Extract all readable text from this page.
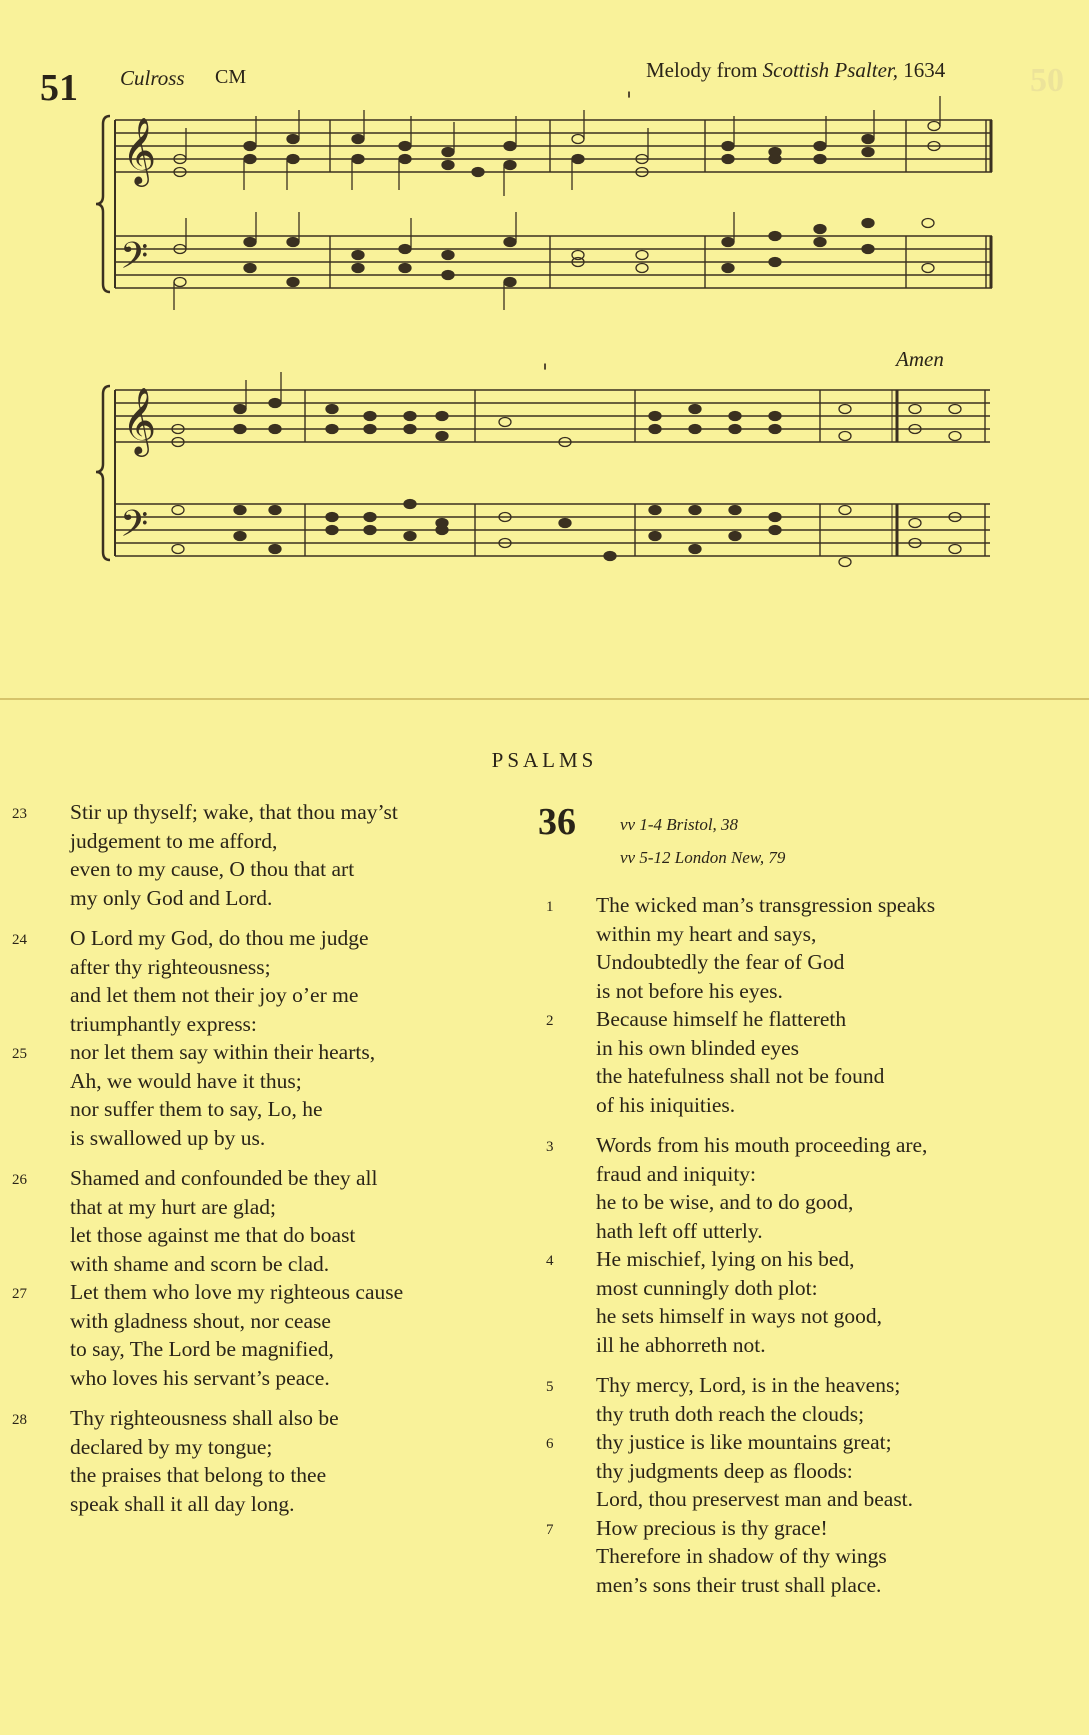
51 Culross CM	Melody from Scottish Psalter, 1634 50
𝄞
𝄢
𝄞
𝄢
'
'
Amen
PSALMS
23 Stir up thyself; wake, that thou may’st
judgement to me afford,
even to my cause, O thou that art
my only God and Lord.
24 O Lord my God, do thou me judge
after thy righteousness;
and let them not their joy o’er me
triumphantly express:
25 nor let them say within their hearts,
Ah, we would have it thus;
nor suffer them to say, Lo, he
is swallowed up by us.
26 Shamed and confounded be they all
that at my hurt are glad;
let those against me that do boast
with shame and scorn be clad.
27 Let them who love my righteous cause
with gladness shout, nor cease
to say, The Lord be magnified,
who loves his servant’s peace.
28 Thy righteousness shall also be
declared by my tongue;
the praises that belong to thee
speak shall it all day long.
36	vv 1-4 Bristol, 38
vv 5-12 London New, 79
1 The wicked man’s transgression speaks
within my heart and says,
Undoubtedly the fear of God
is not before his eyes.
2 Because himself he flattereth
in his own blinded eyes
the hatefulness shall not be found
of his iniquities.
3 Words from his mouth proceeding are,
fraud and iniquity:
he to be wise, and to do good,
hath left off utterly.
4 He mischief, lying on his bed,
most cunningly doth plot:
he sets himself in ways not good,
ill he abhorreth not.
5 Thy mercy, Lord, is in the heavens;
thy truth doth reach the clouds;
6 thy justice is like mountains great;
thy judgments deep as floods:
Lord, thou preservest man and beast.
7 How precious is thy grace!
Therefore in shadow of thy wings
men’s sons their trust shall place.
